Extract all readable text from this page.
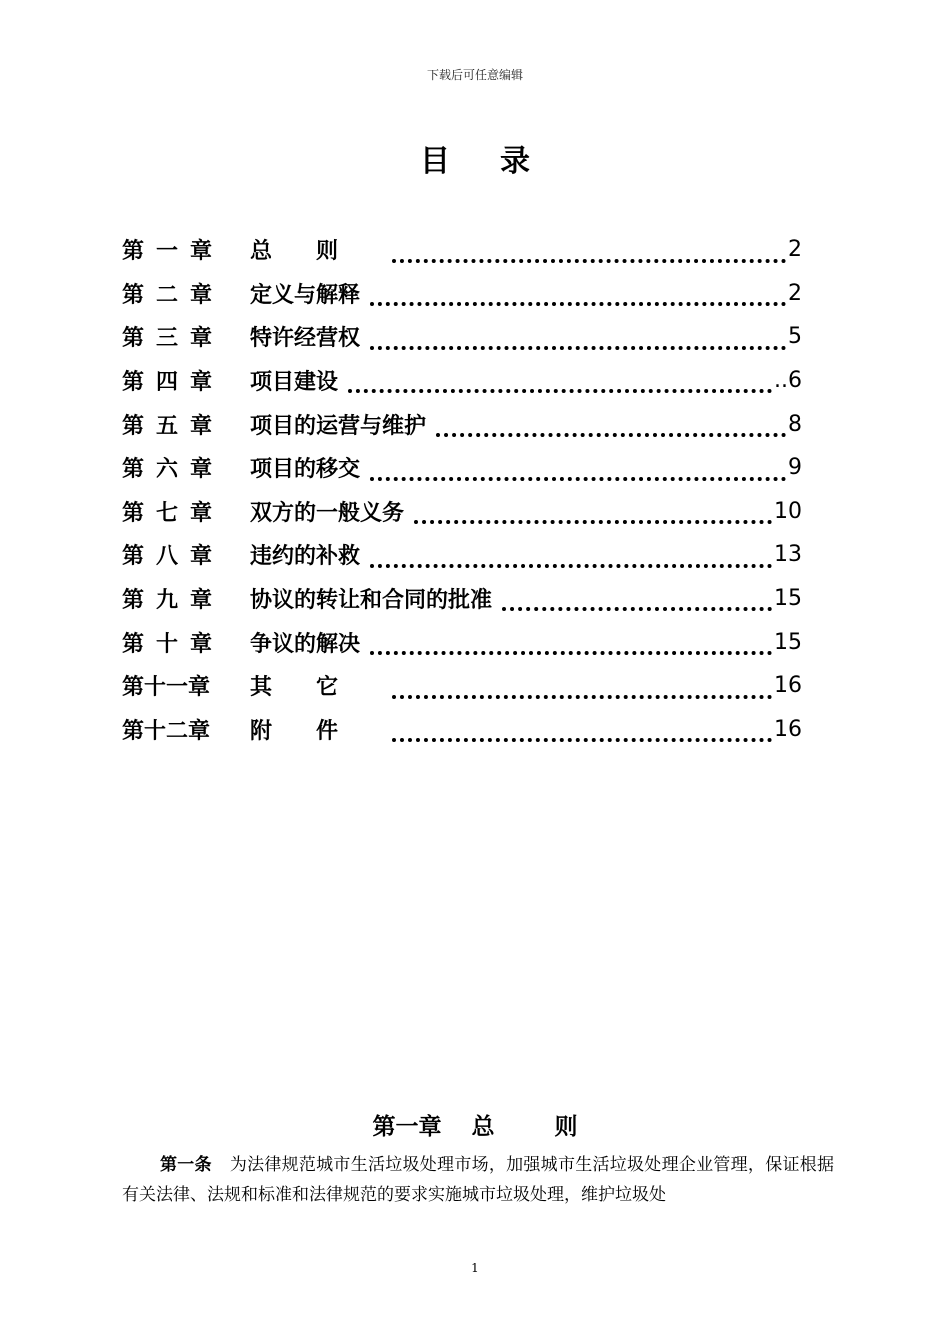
下载后可任意编辑
目录
第一章	总则	2
第二章	定义与解释	2
第三章	特许经营权	5
第四章	项目建设	..6
第五章	项目的运营与维护	8
第六章	项目的移交	9
第七章	双方的一般义务	10
第八章	违约的补救	13
第九章	协议的转让和合同的批准	15
第十章	争议的解决	15
第十一章	其它	16
第十二章	附件	16
第一章 总	则

第一条 为法律规范城市生活垃圾处理市场，加强城市生活垃圾处理企业管理，保证根据有关法律、法规和标准和法律规范的要求实施城市垃圾处理，维护垃圾处

1
